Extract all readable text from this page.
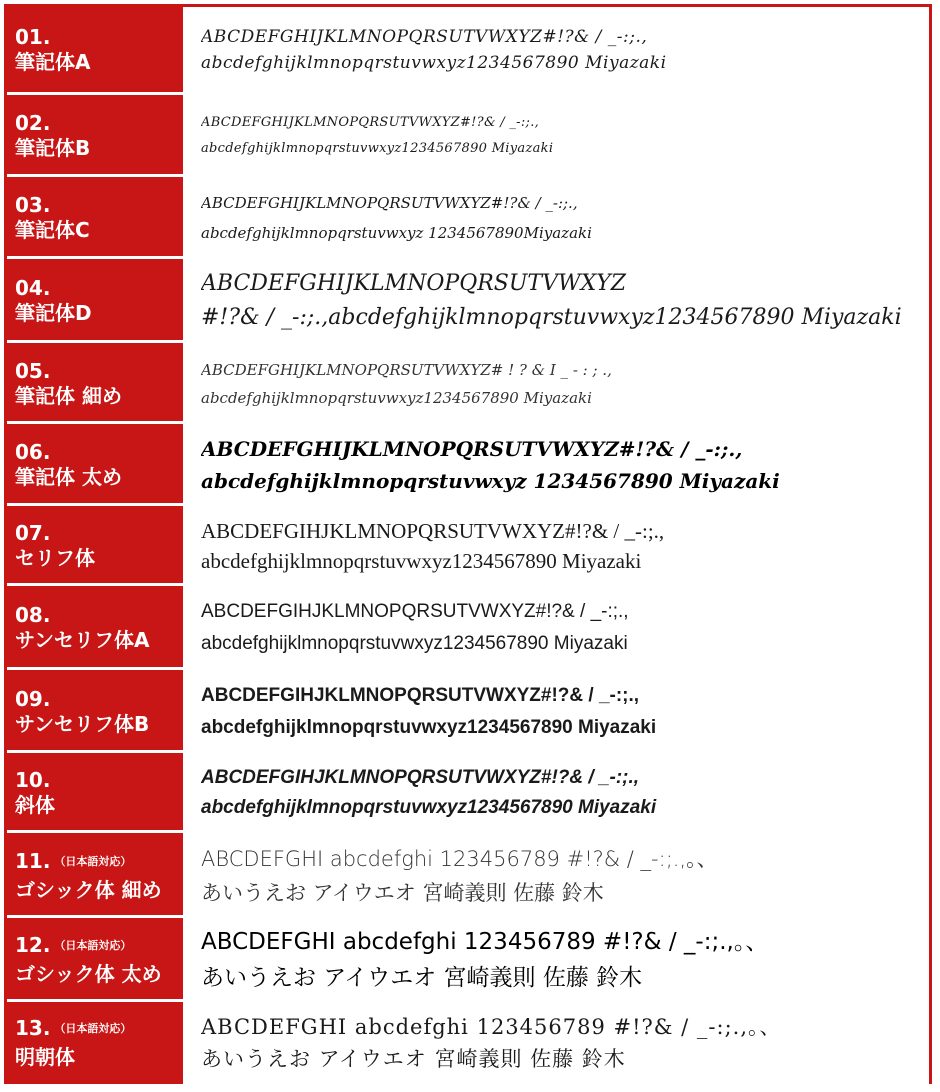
01.
筆記体A
ABCDEFGHIJKLMNOPQRSUTVWXYZ#!?& / _-:;.,
abcdefghijklmnopqrstuvwxyz1234567890 Miyazaki
02.
筆記体B
ABCDEFGHIJKLMNOPQRSUTVWXYZ#!?& / _-:;.,
abcdefghijklmnopqrstuvwxyz1234567890 Miyazaki
03.
筆記体C
ABCDEFGHIJKLMNOPQRSUTVWXYZ#!?& / _-:;.,
abcdefghijklmnopqrstuvwxyz 1234567890Miyazaki
04.
筆記体D
ABCDEFGHIJKLMNOPQRSUTVWXYZ
#!?& / _-:;.,abcdefghijklmnopqrstuvwxyz1234567890 Miyazaki
05.
筆記体 細め
ABCDEFGHIJKLMNOPQRSUTVWXYZ# ! ? & I _ - : ; .,
abcdefghijklmnopqrstuvwxyz1234567890 Miyazaki
06.
筆記体 太め
ABCDEFGHIJKLMNOPQRSUTVWXYZ#!?& / _-:;.,
abcdefghijklmnopqrstuvwxyz 1234567890 Miyazaki
07.
セリフ体
ABCDEFGIHJKLMNOPQRSUTVWXYZ#!?& / _-:;.,
abcdefghijklmnopqrstuvwxyz1234567890 Miyazaki
08.
サンセリフ体A
ABCDEFGIHJKLMNOPQRSUTVWXYZ#!?& / _-:;.,
abcdefghijklmnopqrstuvwxyz1234567890 Miyazaki
09.
サンセリフ体B
ABCDEFGIHJKLMNOPQRSUTVWXYZ#!?& / _-:;.,
abcdefghijklmnopqrstuvwxyz1234567890 Miyazaki
10.
斜体
ABCDEFGIHJKLMNOPQRSUTVWXYZ#!?& / _-:;.,
abcdefghijklmnopqrstuvwxyz1234567890 Miyazaki
11. （日本語対応）
ゴシック体 細め
ABCDEFGHI abcdefghi 123456789 #!?& / _-:;.,。、
あいうえお アイウエオ 宮崎義則 佐藤 鈴木
12. （日本語対応）
ゴシック体 太め
ABCDEFGHI abcdefghi 123456789 #!?& / _-:;.,。、
あいうえお アイウエオ 宮崎義則 佐藤 鈴木
13. （日本語対応）
明朝体
ABCDEFGHI abcdefghi 123456789 #!?& / _-:;.,。、
あいうえお アイウエオ 宮崎義則 佐藤 鈴木
